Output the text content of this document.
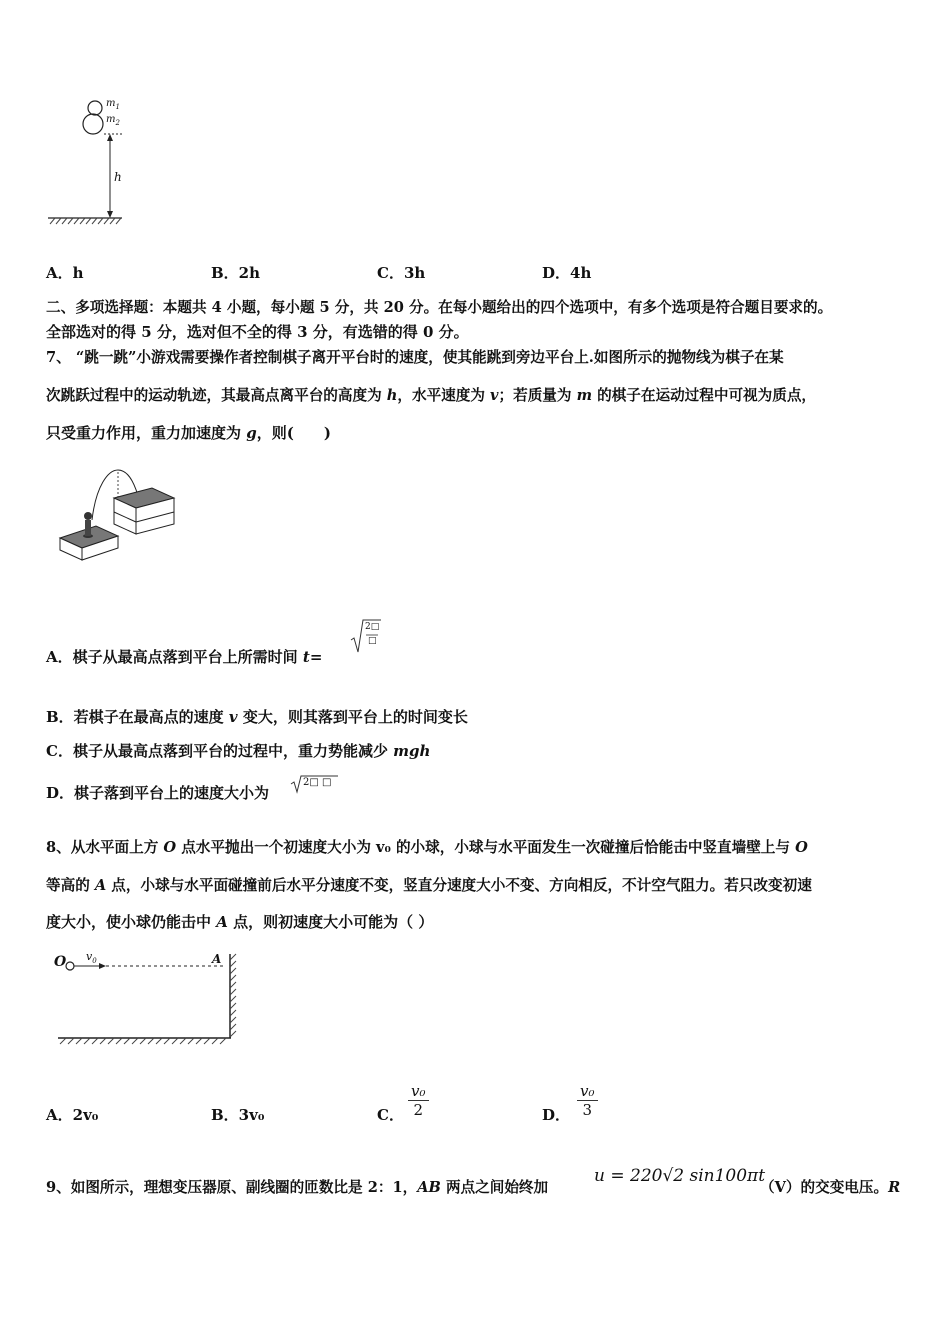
$m_1$
$m_2$
h
A．h	B．2h	C．3h	D．4h
二、多项选择题：本题共 4 小题，每小题 5 分，共 20 分。在每小题给出的四个选项中，有多个选项是符合题目要求的。
全部选对的得 5 分，选对但不全的得 3 分，有选错的得 0 分。
7、 “跳一跳”小游戏需要操作者控制棋子离开平台时的速度，使其能跳到旁边平台上.如图所示的抛物线为棋子在某
次跳跃过程中的运动轨迹，其最高点离平台的高度为 h，水平速度为 v；若质量为 m 的棋子在运动过程中可视为质点，
只受重力作用，重力加速度为 g，则(　　)
A．棋子从最高点落到平台上所需时间 t=
2□
□
B．若棋子在最高点的速度 v 变大，则其落到平台上的时间变长
C．棋子从最高点落到平台的过程中，重力势能减少 mgh
D．棋子落到平台上的速度大小为
2□ □
8、从水平面上方 O 点水平抛出一个初速度大小为 v₀ 的小球，小球与水平面发生一次碰撞后恰能击中竖直墙壁上与 O
等高的 A 点，小球与水平面碰撞前后水平分速度不变，竖直分速度大小不变、方向相反，不计空气阻力。若只改变初速
度大小，使小球仍能击中 A 点，则初速度大小可能为（ ）
O $v_0$	A
A．2v₀	B．3v₀	C． $\frac{\text{v₀}}{2}$	D． $\frac{\text{v₀}}{3}$
9、如图所示，理想变压器原、副线圈的匝数比是 2：1，AB 两点之间始终加
u = 220√2 sin100πt
（V）的交变电压。R
